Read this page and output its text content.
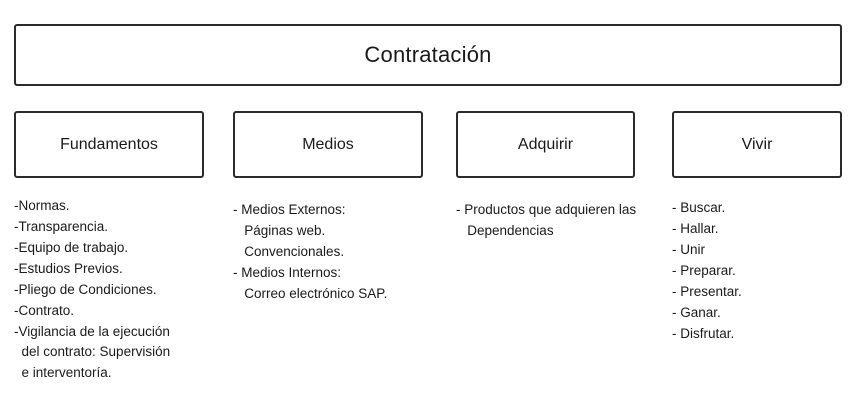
Contratación
Fundamentos
-Normas.
-Transparencia.
-Equipo de trabajo.
-Estudios Previos.
-Pliego de Condiciones.
-Contrato.
-Vigilancia de la ejecución
del contrato: Supervisión
e interventoría.
Medios
- Medios Externos:
Páginas web.
Convencionales.
- Medios Internos:
Correo electrónico SAP.
Adquirir
- Productos que adquieren las
Dependencias
Vivir
- Buscar.
- Hallar.
- Unir
- Preparar.
- Presentar.
- Ganar.
- Disfrutar.
